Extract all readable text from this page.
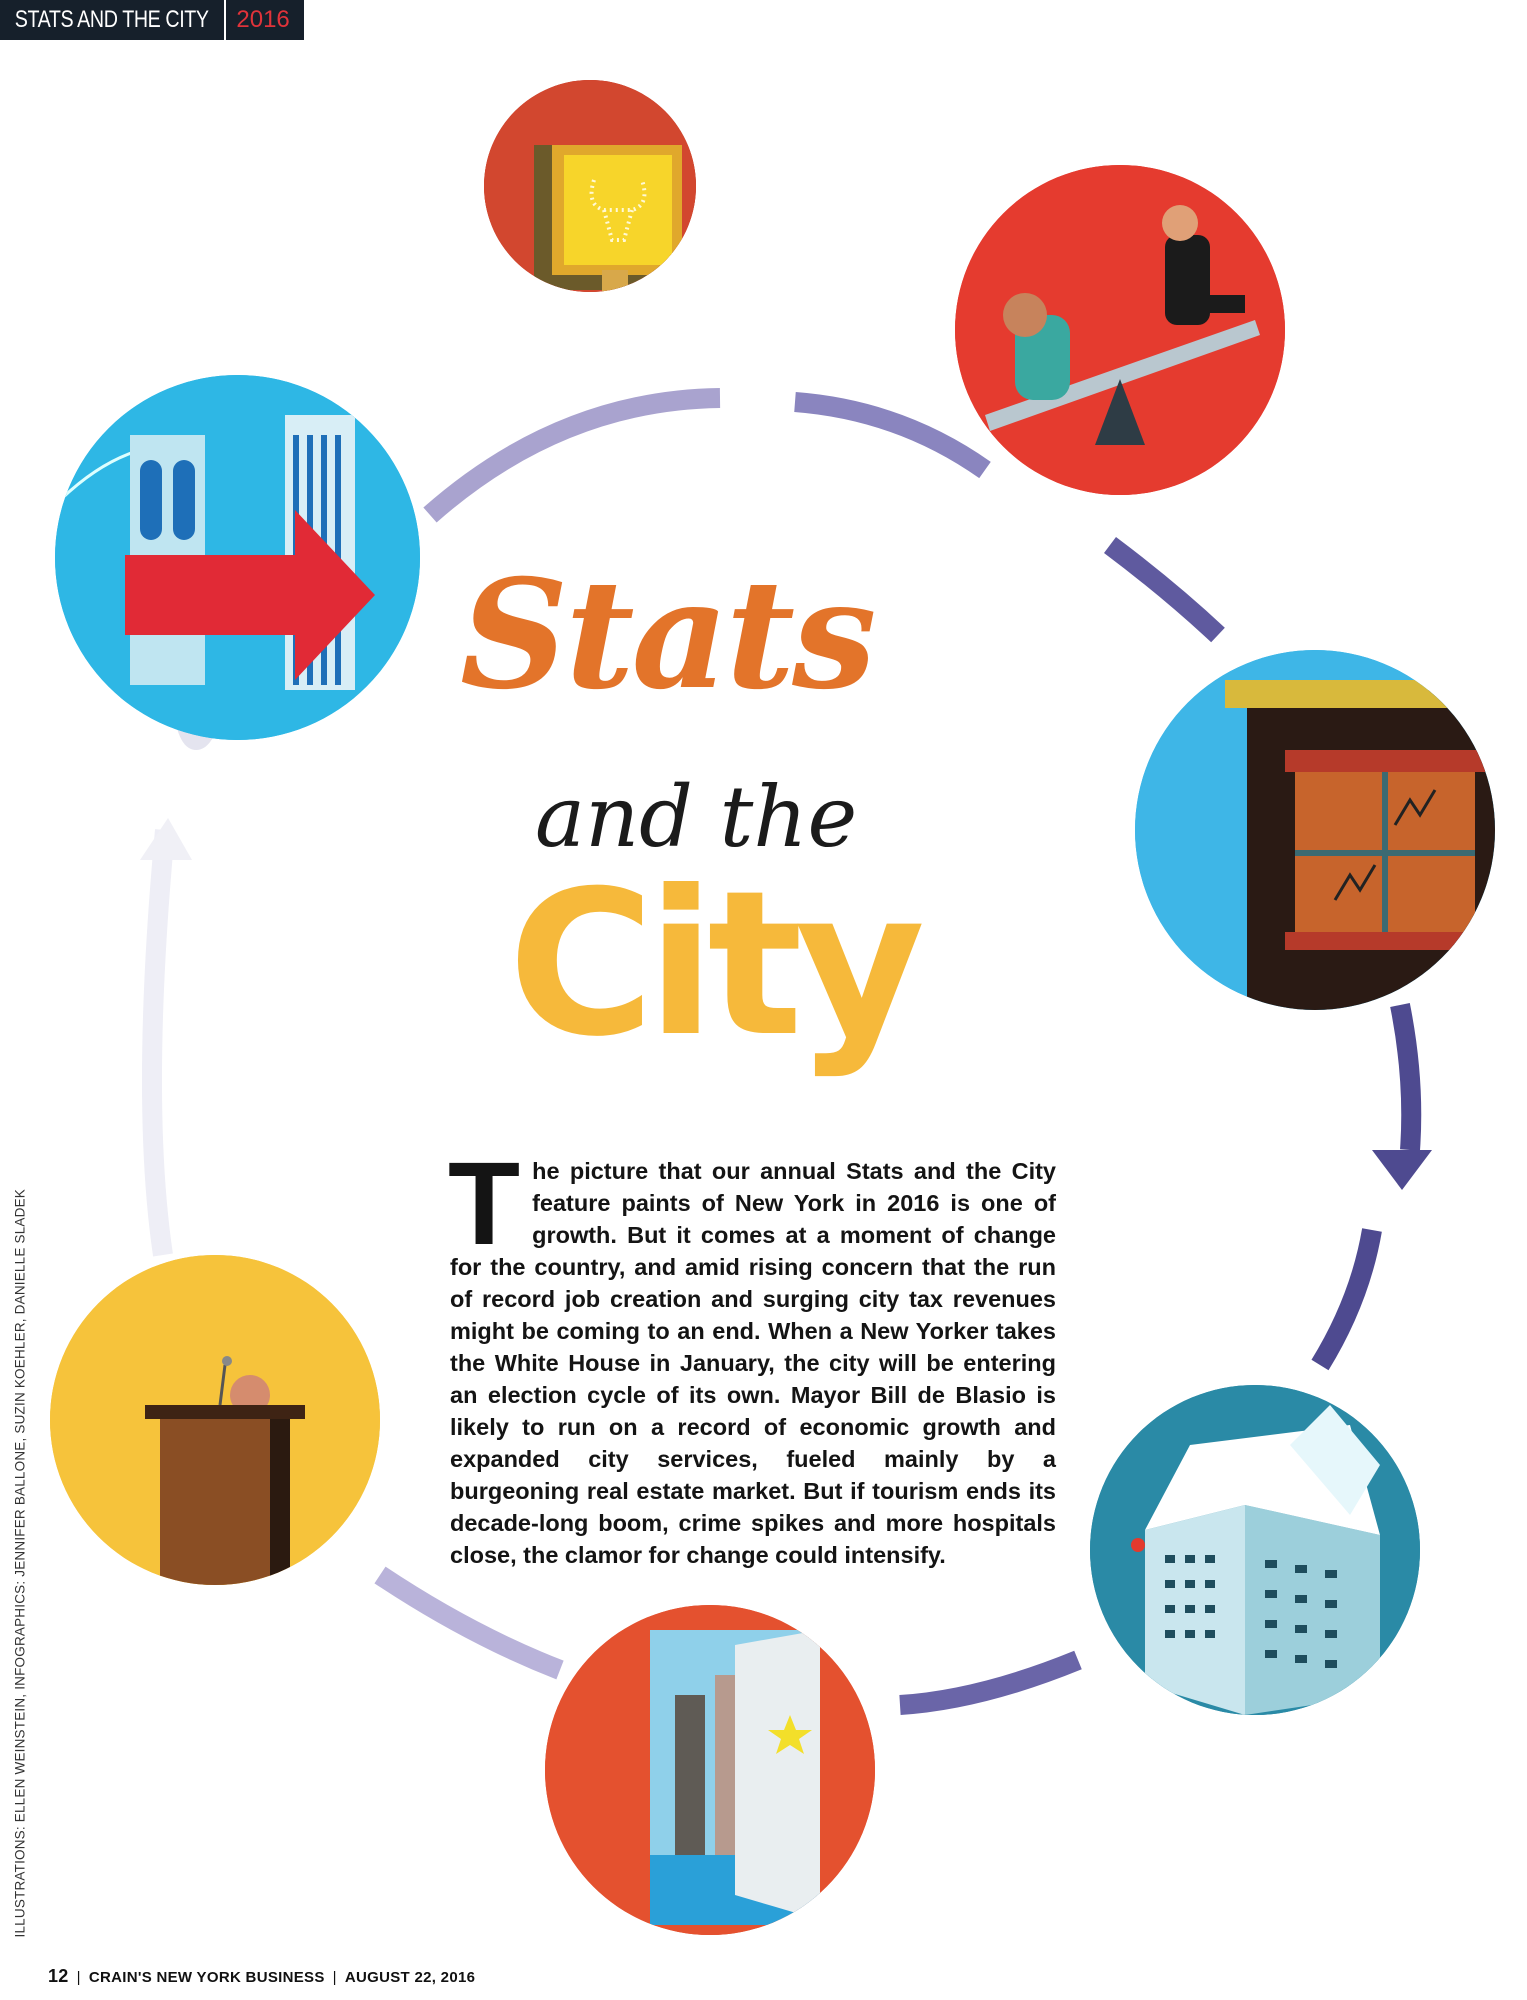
STATS AND THE CITY	2016
Stats
and the
City
T he picture that our annual Stats and the City feature paints of New York in 2016 is one of growth. But it comes at a moment of change for the country, and amid rising concern that the run of record job creation and surging city tax revenues might be coming to an end. When a New Yorker takes the White House in January, the city will be entering an election cycle of its own. Mayor Bill de Blasio is likely to run on a record of economic growth and expanded city services, fueled mainly by a burgeoning real estate market. But if tourism ends its decade-long boom, crime spikes and more hospitals close, the clamor for change could intensify.
ILLUSTRATIONS: ELLEN WEINSTEIN, INFOGRAPHICS: JENNIFER BALLONE, SUZIN KOEHLER, DANIELLE SLADEK
12 | CRAIN'S NEW YORK BUSINESS | AUGUST 22, 2016
